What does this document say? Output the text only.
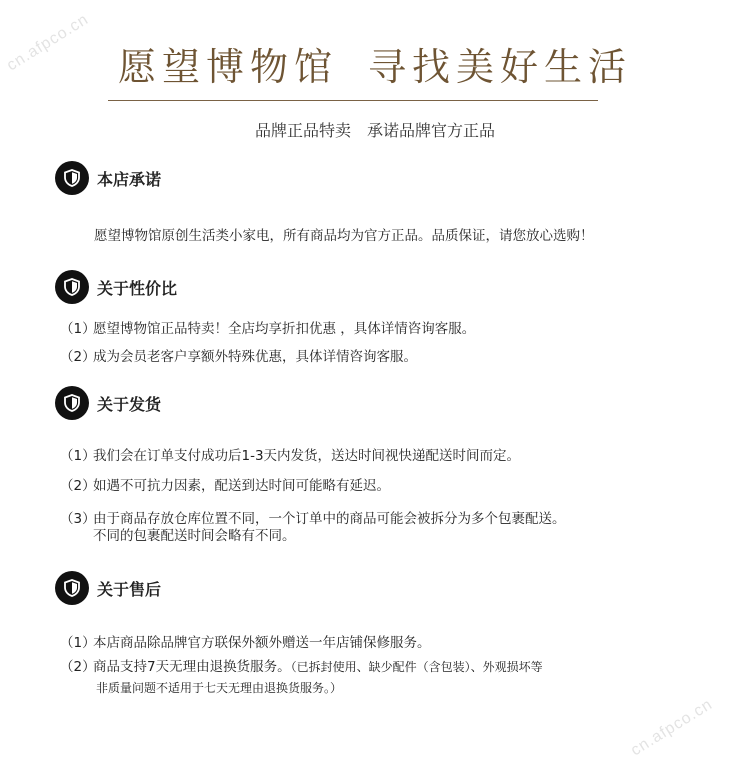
cn.afpco.cn
cn.afpco.cn
愿望博物馆 寻找美好生活
品牌正品特卖 承诺品牌官方正品
本店承诺
愿望博物馆原创生活类小家电，所有商品均为官方正品。品质保证，请您放心选购！
关于性价比
（1）愿望博物馆正品特卖！全店均享折扣优惠 ，具体详情咨询客服。
（2）成为会员老客户享额外特殊优惠，具体详情咨询客服。
关于发货
（1）我们会在订单支付成功后1-3天内发货，送达时间视快递配送时间而定。
（2）如遇不可抗力因素，配送到达时间可能略有延迟。
（3）由于商品存放仓库位置不同，一个订单中的商品可能会被拆分为多个包裹配送。
不同的包裹配送时间会略有不同。
关于售后
（1）本店商品除品牌官方联保外额外赠送一年店铺保修服务。
（2）商品支持7天无理由退换货服务。（已拆封使用、缺少配件（含包装）、外观损坏等
非质量问题不适用于七天无理由退换货服务。）
